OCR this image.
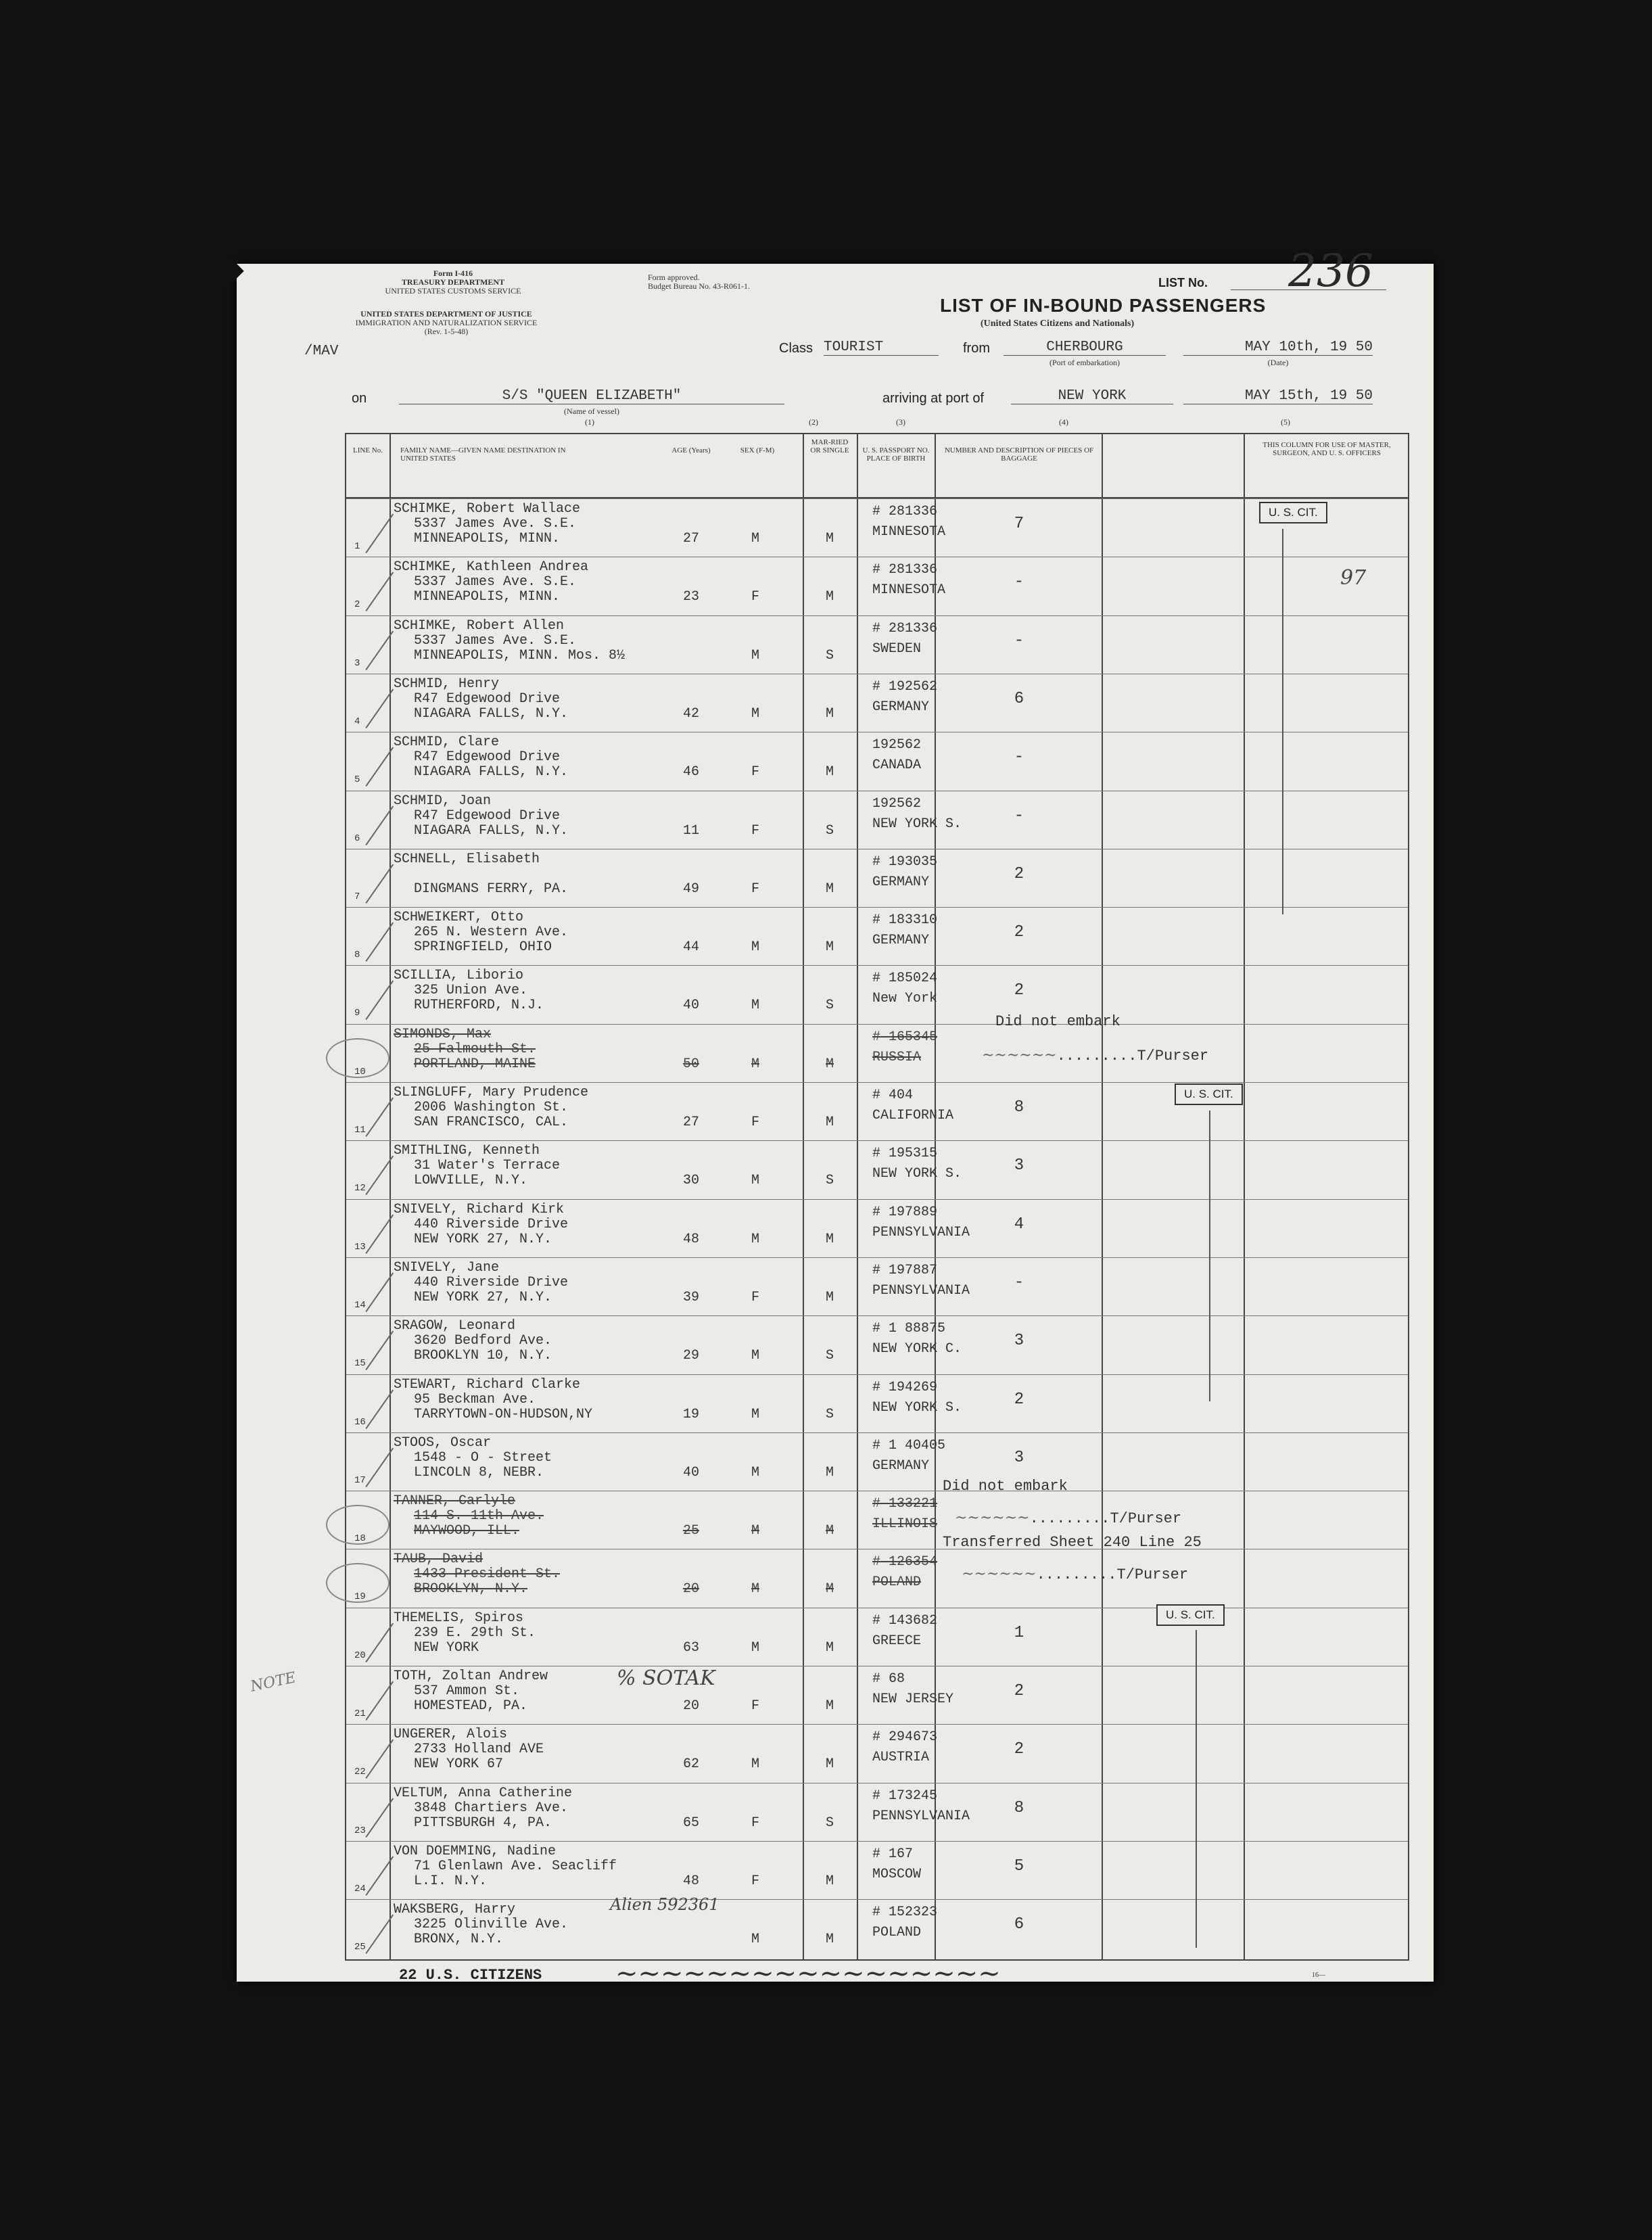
Form I-416
TREASURY DEPARTMENT
UNITED STATES CUSTOMS SERVICE
UNITED STATES DEPARTMENT OF JUSTICE
IMMIGRATION AND NATURALIZATION SERVICE
(Rev. 1-5-48)
Form approved.
Budget Bureau No. 43-R061-1.	LIST No. 236
LIST OF IN-BOUND PASSENGERS
(United States Citizens and Nationals)
/MAV	Class TOURIST	from	CHERBOURG
(Port of embarkation)
MAY 10th, 19 50
(Date)
on	S/S "QUEEN ELIZABETH"
(Name of vessel)
arriving at port of	NEW YORK	MAY 15th, 19 50
(1)	(2)	(3)	(4)	(5)
LINE No.	FAMILY NAME—GIVEN NAME DESTINATION IN UNITED STATES
AGE (Years)	SEX (F-M)
MAR-RIED OR SINGLE	U. S. PASSPORT NO. PLACE OF BIRTH
NUMBER AND DESCRIPTION OF PIECES OF BAGGAGE
THIS COLUMN FOR USE OF MASTER, SURGEON, AND U. S. OFFICERS
1
SCHIMKE, Robert Wallace
5337 James Ave. S.E.
MINNEAPOLIS, MINN.	27	M	M
# 281336
MINNESOTA	7
2
SCHIMKE, Kathleen Andrea
5337 James Ave. S.E.
MINNEAPOLIS, MINN.	23	F	M
# 281336
MINNESOTA	-
3
SCHIMKE, Robert Allen
5337 James Ave. S.E.
MINNEAPOLIS, MINN. Mos. 8½	M	S
# 281336
SWEDEN	-
4
SCHMID, Henry
R47 Edgewood Drive
NIAGARA FALLS, N.Y.	42	M	M
# 192562
GERMANY	6
5
SCHMID, Clare
R47 Edgewood Drive
NIAGARA FALLS, N.Y.	46	F	M
192562
CANADA	-
6
SCHMID, Joan
R47 Edgewood Drive
NIAGARA FALLS, N.Y.	11	F	S
192562
NEW YORK S.	-
7
SCHNELL, Elisabeth
DINGMANS FERRY, PA.	49	F	M
# 193035
GERMANY	2
8
SCHWEIKERT, Otto
265 N. Western Ave.
SPRINGFIELD, OHIO	44	M	M
# 183310
GERMANY	2
9
SCILLIA, Liborio
325 Union Ave.
RUTHERFORD, N.J.	40	M	S
# 185024
New York	2
10
SIMONDS, Max
25 Falmouth St.
PORTLAND, MAINE	50	M	M
# 165345
RUSSIA
11
SLINGLUFF, Mary Prudence
2006 Washington St.
SAN FRANCISCO, CAL.	27	F	M
# 404
CALIFORNIA	8
12
SMITHLING, Kenneth
31 Water's Terrace
LOWVILLE, N.Y.	30	M	S
# 195315
NEW YORK S.	3
13
SNIVELY, Richard Kirk
440 Riverside Drive
NEW YORK 27, N.Y.	48	M	M
# 197889
PENNSYLVANIA	4
14
SNIVELY, Jane
440 Riverside Drive
NEW YORK 27, N.Y.	39	F	M
# 197887
PENNSYLVANIA	-
15
SRAGOW, Leonard
3620 Bedford Ave.
BROOKLYN 10, N.Y.	29	M	S
# 1 88875
NEW YORK C.	3
16
STEWART, Richard Clarke
95 Beckman Ave.
TARRYTOWN-ON-HUDSON,NY	19	M	S
# 194269
NEW YORK S.	2
17
STOOS, Oscar
1548 - O - Street
LINCOLN 8, NEBR.	40	M	M
# 1 40405
GERMANY	3
18
TANNER, Carlyle
114 S. 11th Ave.
MAYWOOD, ILL.	25	M	M
# 133221
ILLINOIS
19
TAUB, David
1433 President St.
BROOKLYN, N.Y.	20	M	M
# 126354
POLAND
20
THEMELIS, Spiros
239 E. 29th St.
NEW YORK	63	M	M
# 143682
GREECE	1
21
TOTH, Zoltan Andrew
537 Ammon St.
HOMESTEAD, PA.	20	F	M
# 68
NEW JERSEY	2
22
UNGERER, Alois
2733 Holland AVE
NEW YORK 67	62	M	M
# 294673
AUSTRIA	2
23
VELTUM, Anna Catherine
3848 Chartiers Ave.
PITTSBURGH 4, PA.	65	F	S
# 173245
PENNSYLVANIA	8
24
VON DOEMMING, Nadine
71 Glenlawn Ave. Seacliff
L.I. N.Y.	48	F	M
# 167
MOSCOW	5
25
WAKSBERG, Harry
3225 Olinville Ave.
BRONX, N.Y.	M	M
# 152323
POLAND	6
U. S. CIT.
97
Did not embark
~~~~~~.........T/Purser
U. S. CIT.
Did not embark
~~~~~~.........T/Purser
Transferred Sheet 240 Line 25
~~~~~~.........T/Purser
U. S. CIT.
% SOTAK
Alien 592361
NOTE
22 U.S. CITIZENS	~~~~~~~~~~~~~~~~~	16—
